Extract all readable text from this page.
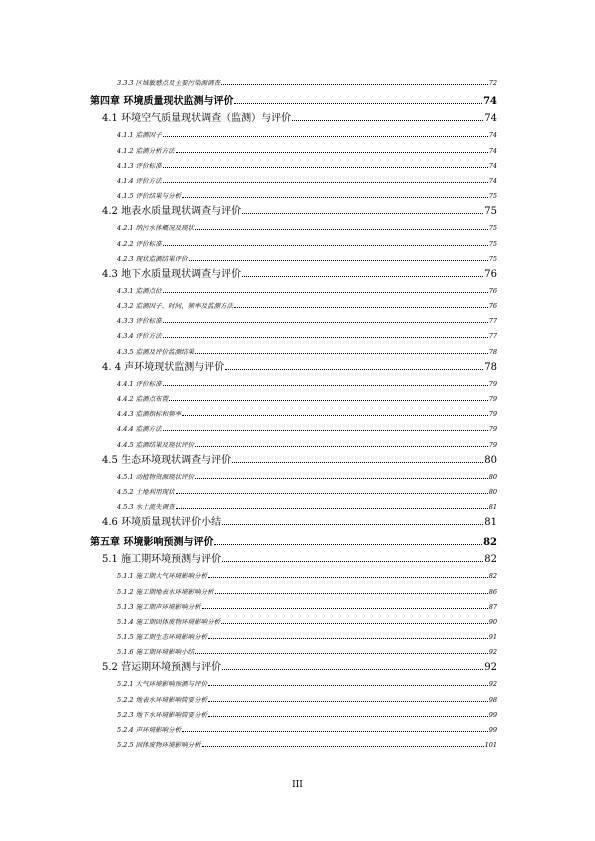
3.3.3 区域敏感点及主要污染源调查	72
第四章 环境质量现状监测与评价	74
4.1 环境空气质量现状调查（监测）与评价	74
4.1.1 监测因子	74
4.1.2 监测分析方法	74
4.1.3 评价标准	74
4.1.4 评价方法	74
4.1.5 评价结果与分析	75
4.2 地表水质量现状调查与评价	75
4.2.1 纳污水体概况及现状	75
4.2.2 评价标准	75
4.2.3 现状监测结果评价	75
4.3 地下水质量现状调查与评价	76
4.3.1 监测点位	76
4.3.2 监测因子、时间、频率及监测方法	76
4.3.3 评价标准	77
4.3.4 评价方法	77
4.3.5 监测及评价监测结果	78
4. 4 声环境现状监测与评价	78
4.4.1 评价标准	79
4.4.2 监测点布置	79
4.4.3 监测指标和频率	79
4.4.4 监测方法	79
4.4.5 监测结果及现状评价	79
4.5 生态环境现状调查与评价	80
4.5.1 动植物资源现状评价	80
4.5.2 土地利用现状	80
4.5.3 水土流失调查	81
4.6 环境质量现状评价小结	81
第五章 环境影响预测与评价	82
5.1 施工期环境预测与评价	82
5.1.1 施工期大气环境影响分析	82
5.1.2 施工期地表水环境影响分析	86
5.1.3 施工期声环境影响分析	87
5.1.4 施工期固体废物环境影响分析	90
5.1.5 施工期生态环境影响分析	91
5.1.6 施工期环境影响小结	92
5.2 营运期环境预测与评价	92
5.2.1 大气环境影响预测与评价	92
5.2.2 地表水环境影响简要分析	98
5.2.3 地下水环境影响简要分析	99
5.2.4 声环境影响分析	99
5.2.5 固体废物环境影响分析	101
III
